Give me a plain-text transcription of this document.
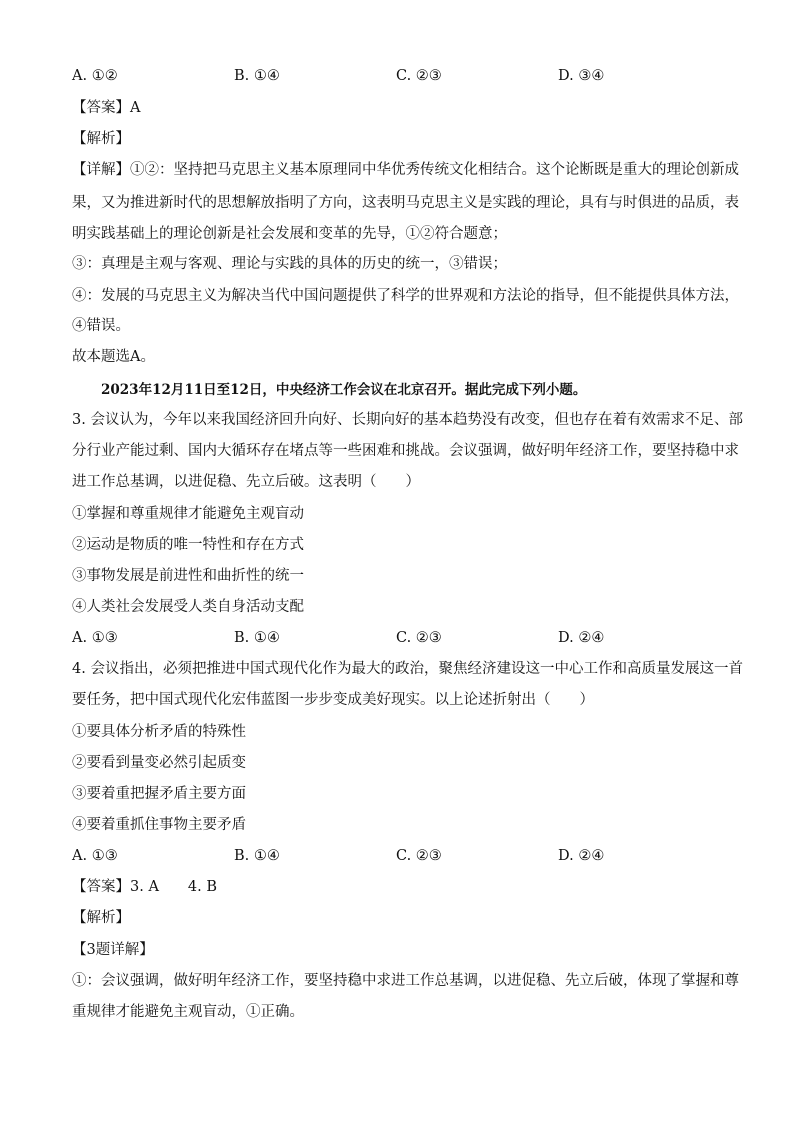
A. ①②	B. ①④	C. ②③	D. ③④
【答案】A
【解析】
【详解】①②：坚持把马克思主义基本原理同中华优秀传统文化相结合。这个论断既是重大的理论创新成
果，又为推进新时代的思想解放指明了方向，这表明马克思主义是实践的理论，具有与时俱进的品质，表
明实践基础上的理论创新是社会发展和变革的先导，①②符合题意；
③：真理是主观与客观、理论与实践的具体的历史的统一，③错误；
④：发展的马克思主义为解决当代中国问题提供了科学的世界观和方法论的指导，但不能提供具体方法，
④错误。
故本题选A。
2023年12月11日至12日，中央经济工作会议在北京召开。据此完成下列小题。
3. 会议认为，今年以来我国经济回升向好、长期向好的基本趋势没有改变，但也存在着有效需求不足、部
分行业产能过剩、国内大循环存在堵点等一些困难和挑战。会议强调，做好明年经济工作，要坚持稳中求
进工作总基调，以进促稳、先立后破。这表明（　　）
①掌握和尊重规律才能避免主观盲动
②运动是物质的唯一特性和存在方式
③事物发展是前进性和曲折性的统一
④人类社会发展受人类自身活动支配
A. ①③	B. ①④	C. ②③	D. ②④
4. 会议指出，必须把推进中国式现代化作为最大的政治，聚焦经济建设这一中心工作和高质量发展这一首
要任务，把中国式现代化宏伟蓝图一步步变成美好现实。以上论述折射出（　　）
①要具体分析矛盾的特殊性
②要看到量变必然引起质变
③要着重把握矛盾主要方面
④要着重抓住事物主要矛盾
A. ①③	B. ①④	C. ②③	D. ②④
【答案】3. A　　4. B
【解析】
【3题详解】
①：会议强调，做好明年经济工作，要坚持稳中求进工作总基调，以进促稳、先立后破，体现了掌握和尊
重规律才能避免主观盲动，①正确。
